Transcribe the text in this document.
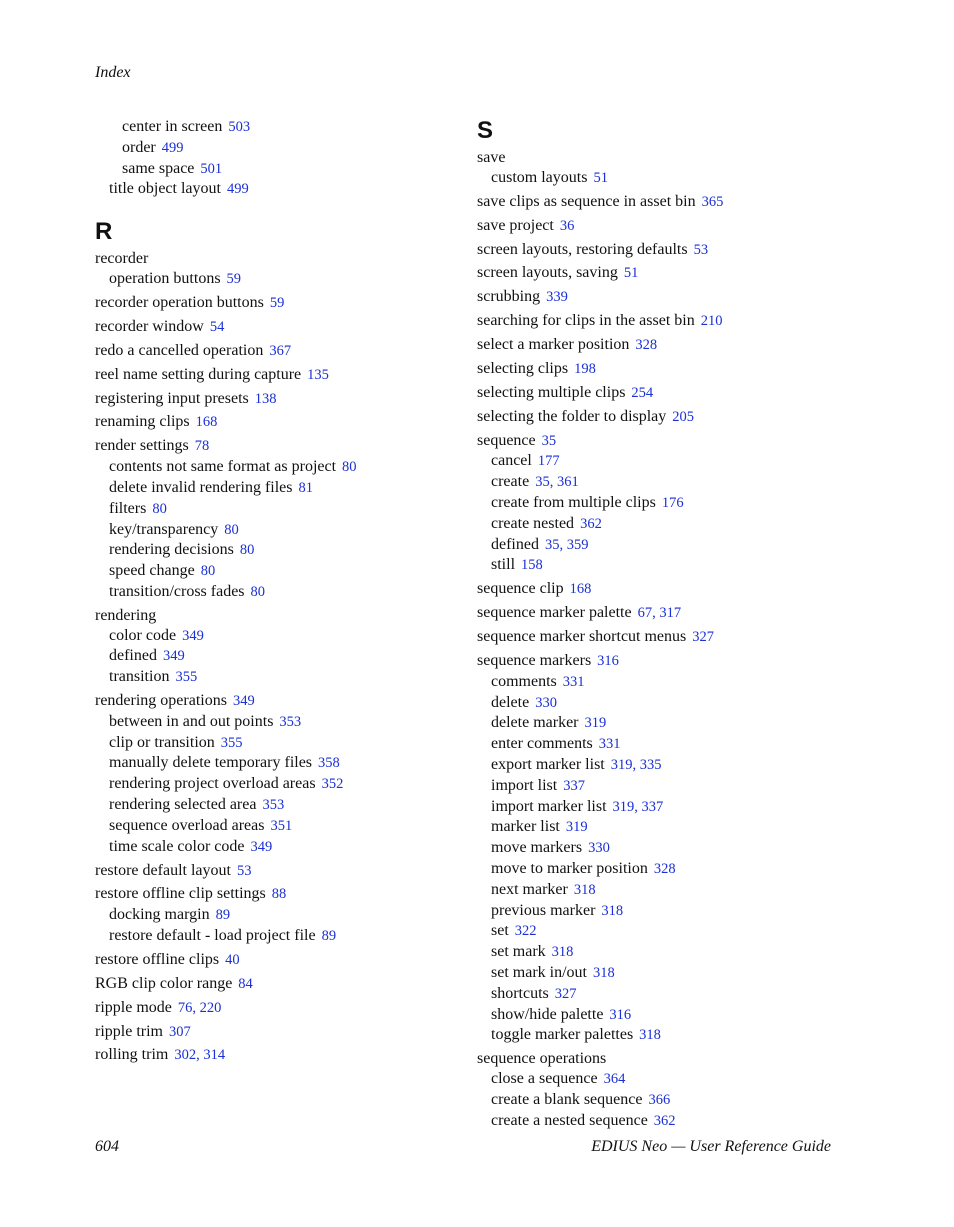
Index
center in screen 503
order 499
same space 501
title object layout 499
R
recorder
operation buttons 59
recorder operation buttons 59
recorder window 54
redo a cancelled operation 367
reel name setting during capture 135
registering input presets 138
renaming clips 168
render settings 78
contents not same format as project 80
delete invalid rendering files 81
filters 80
key/transparency 80
rendering decisions 80
speed change 80
transition/cross fades 80
rendering
color code 349
defined 349
transition 355
rendering operations 349
between in and out points 353
clip or transition 355
manually delete temporary files 358
rendering project overload areas 352
rendering selected area 353
sequence overload areas 351
time scale color code 349
restore default layout 53
restore offline clip settings 88
docking margin 89
restore default - load project file 89
restore offline clips 40
RGB clip color range 84
ripple mode 76, 220
ripple trim 307
rolling trim 302, 314
S
save
custom layouts 51
save clips as sequence in asset bin 365
save project 36
screen layouts, restoring defaults 53
screen layouts, saving 51
scrubbing 339
searching for clips in the asset bin 210
select a marker position 328
selecting clips 198
selecting multiple clips 254
selecting the folder to display 205
sequence 35
cancel 177
create 35, 361
create from multiple clips 176
create nested 362
defined 35, 359
still 158
sequence clip 168
sequence marker palette 67, 317
sequence marker shortcut menus 327
sequence markers 316
comments 331
delete 330
delete marker 319
enter comments 331
export marker list 319, 335
import list 337
import marker list 319, 337
marker list 319
move markers 330
move to marker position 328
next marker 318
previous marker 318
set 322
set mark 318
set mark in/out 318
shortcuts 327
show/hide palette 316
toggle marker palettes 318
sequence operations
close a sequence 364
create a blank sequence 366
create a nested sequence 362
604	EDIUS Neo — User Reference Guide
